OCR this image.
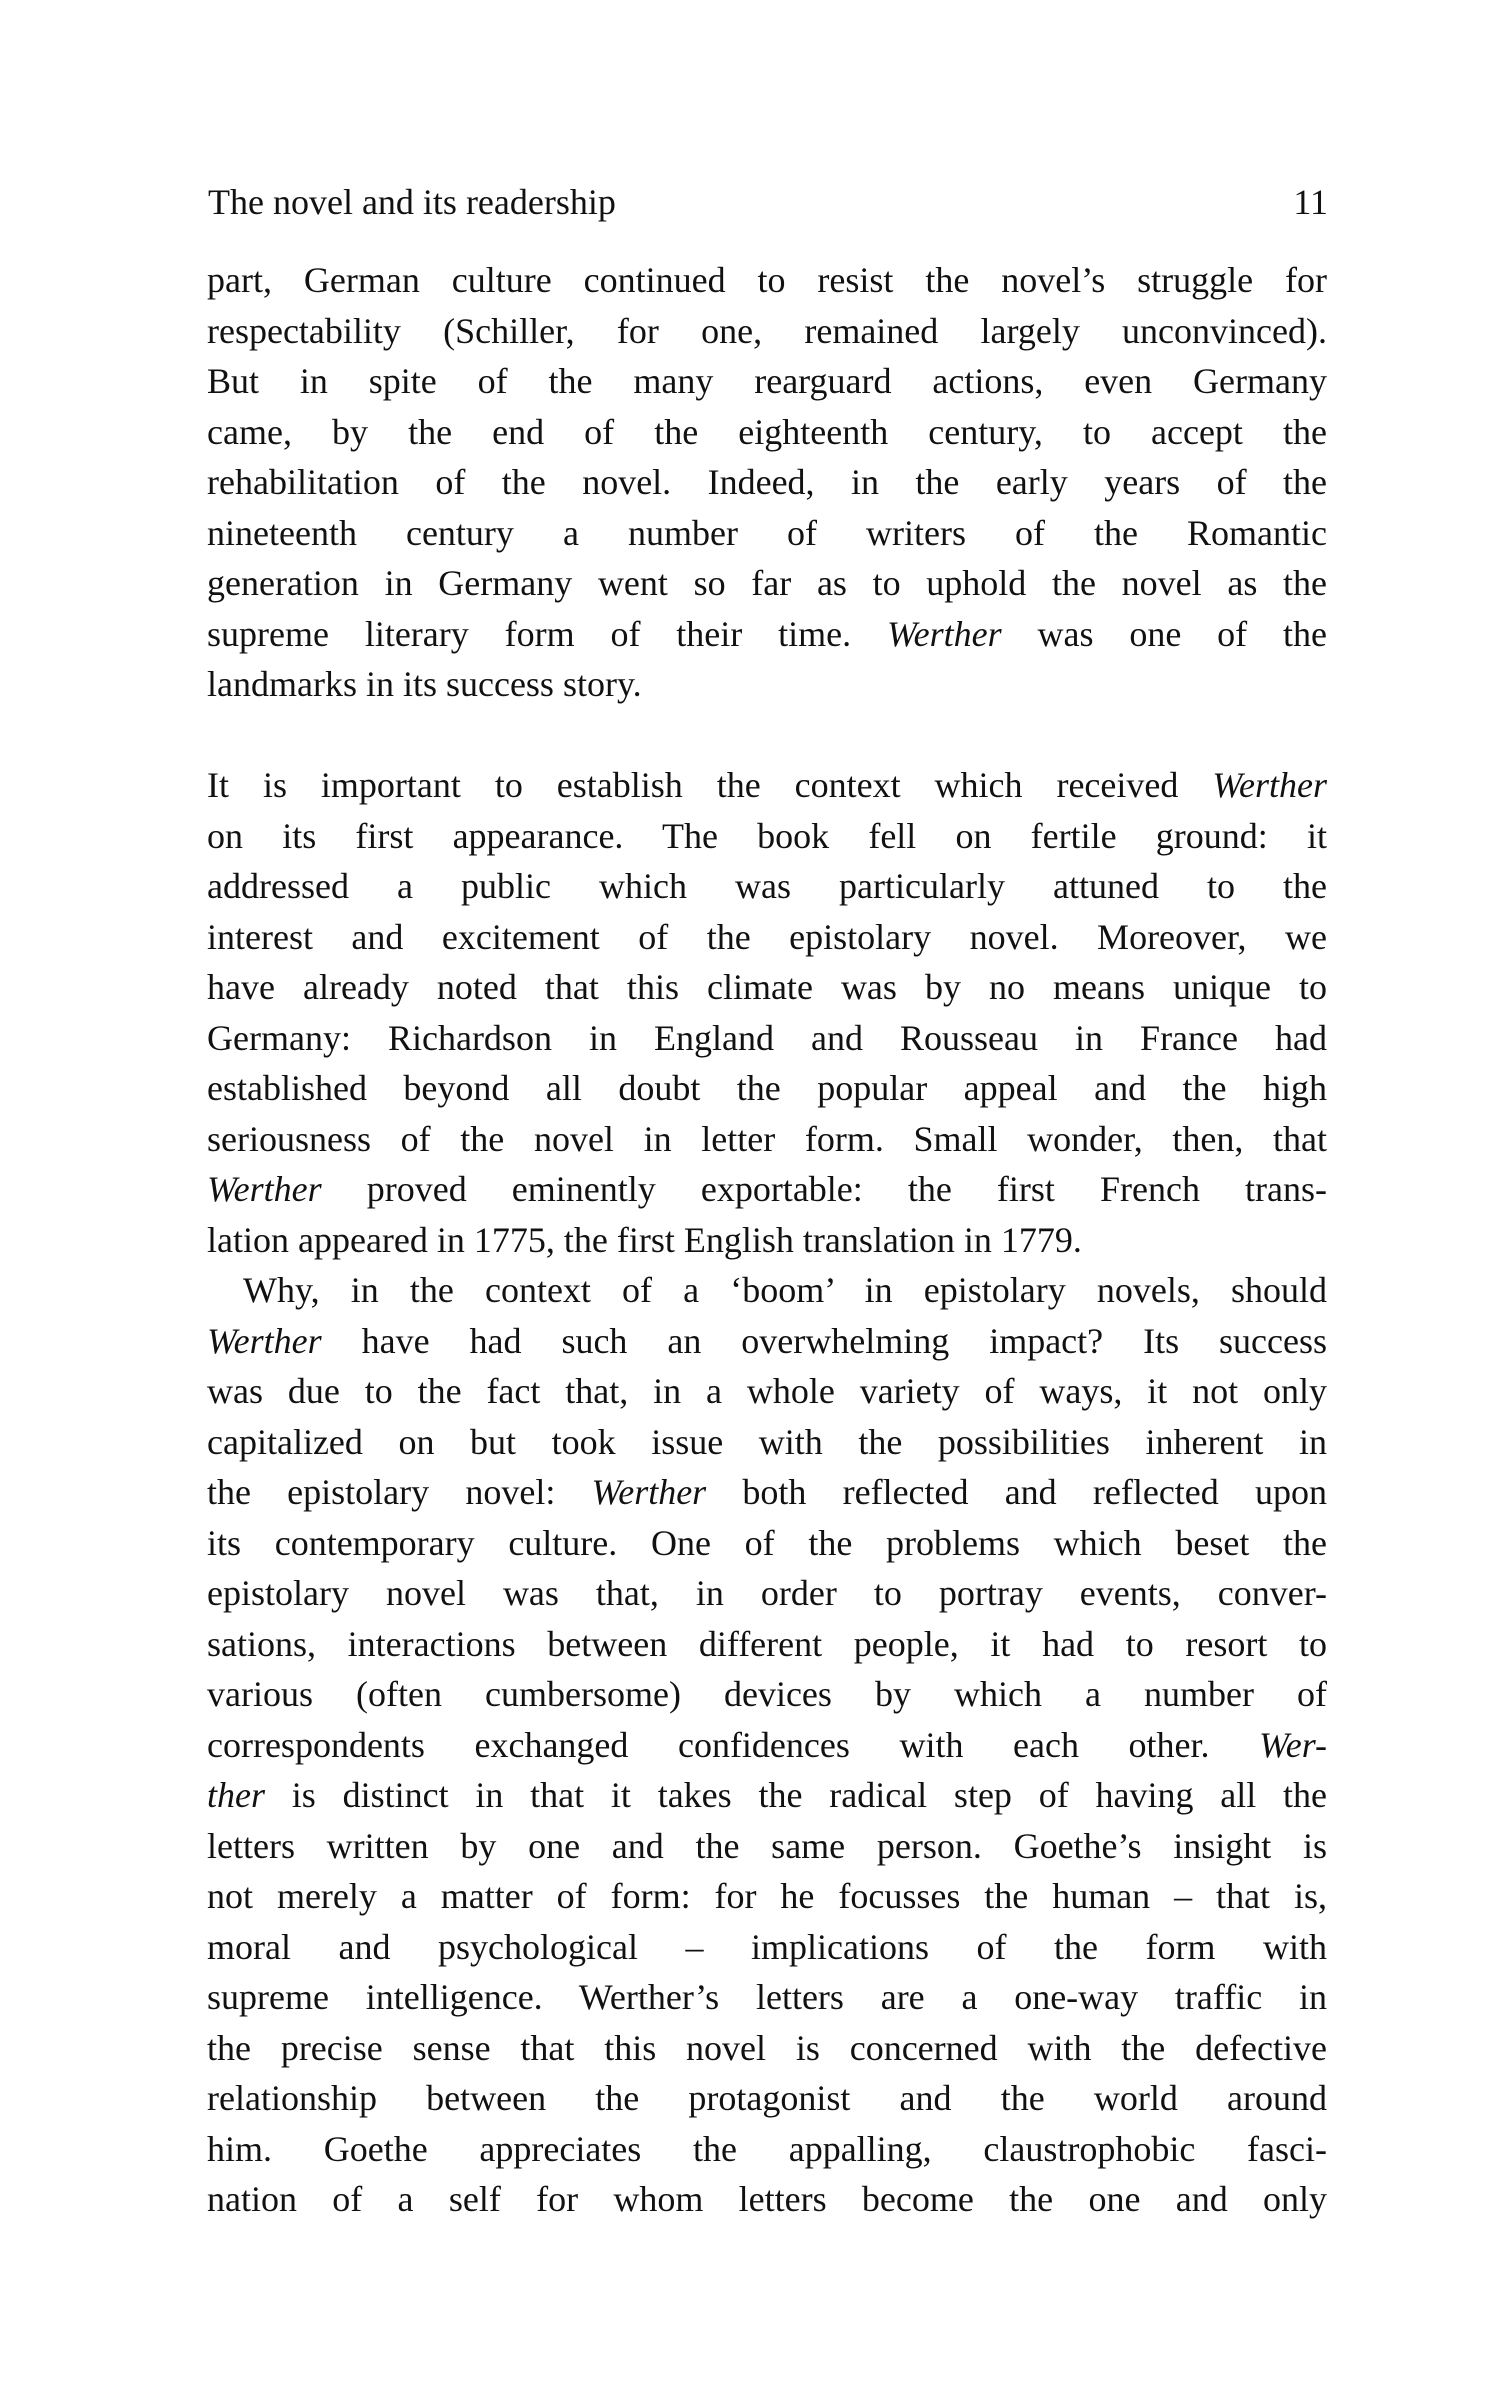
The novel and its readership	11
part, German culture continued to resist the novel’s struggle for
respectability (Schiller, for one, remained largely unconvinced).
But in spite of the many rearguard actions, even Germany
came, by the end of the eighteenth century, to accept the
rehabilitation of the novel. Indeed, in the early years of the
nineteenth century a number of writers of the Romantic
generation in Germany went so far as to uphold the novel as the
supreme literary form of their time. Werther was one of the
landmarks in its success story.
It is important to establish the context which received Werther
on its first appearance. The book fell on fertile ground: it
addressed a public which was particularly attuned to the
interest and excitement of the epistolary novel. Moreover, we
have already noted that this climate was by no means unique to
Germany: Richardson in England and Rousseau in France had
established beyond all doubt the popular appeal and the high
seriousness of the novel in letter form. Small wonder, then, that
Werther proved eminently exportable: the first French trans-
lation appeared in 1775, the first English translation in 1779.
Why, in the context of a ‘boom’ in epistolary novels, should
Werther have had such an overwhelming impact? Its success
was due to the fact that, in a whole variety of ways, it not only
capitalized on but took issue with the possibilities inherent in
the epistolary novel: Werther both reflected and reflected upon
its contemporary culture. One of the problems which beset the
epistolary novel was that, in order to portray events, conver-
sations, interactions between different people, it had to resort to
various (often cumbersome) devices by which a number of
correspondents exchanged confidences with each other. Wer-
ther is distinct in that it takes the radical step of having all the
letters written by one and the same person. Goethe’s insight is
not merely a matter of form: for he focusses the human – that is,
moral and psychological – implications of the form with
supreme intelligence. Werther’s letters are a one-way traffic in
the precise sense that this novel is concerned with the defective
relationship between the protagonist and the world around
him. Goethe appreciates the appalling, claustrophobic fasci-
nation of a self for whom letters become the one and only
